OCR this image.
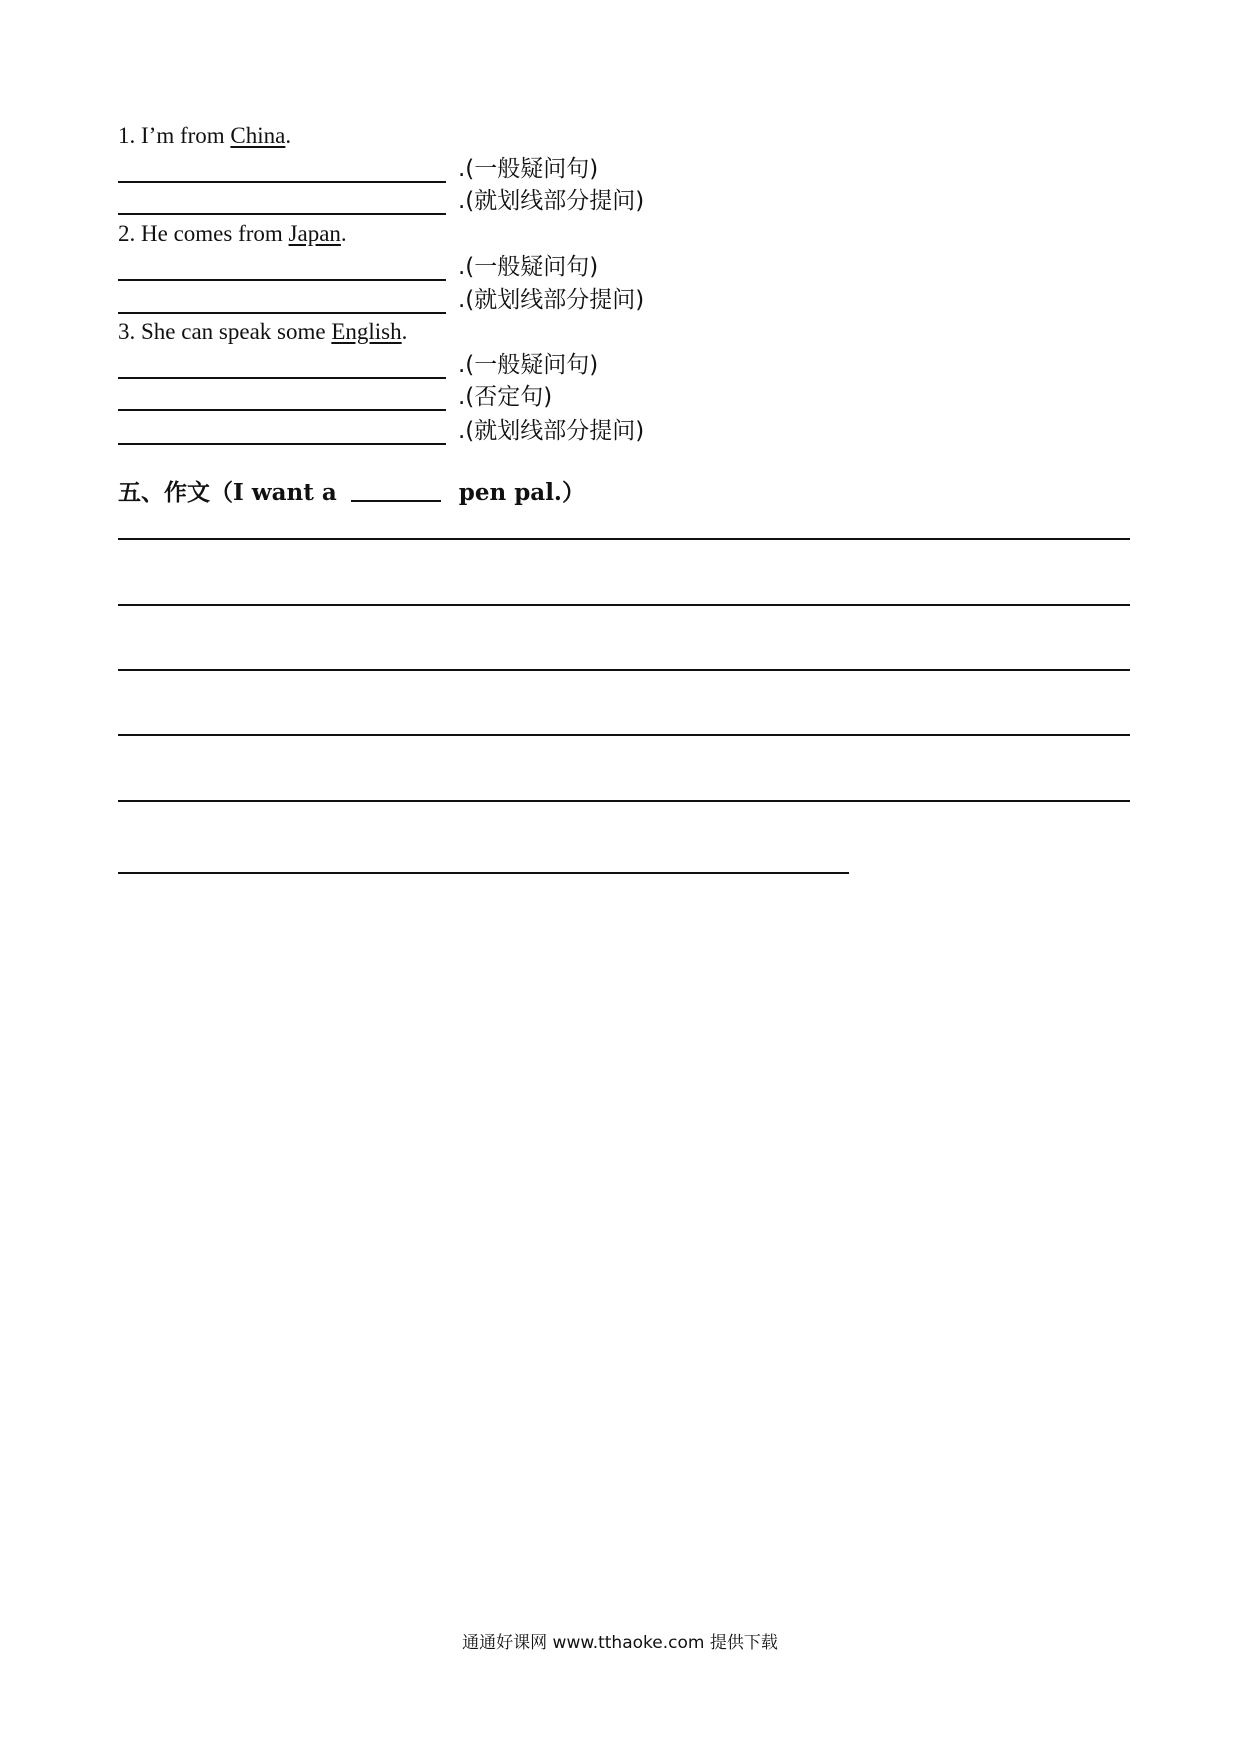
1. I’m from China.
.(一般疑问句)
.(就划线部分提问)
2. He comes from Japan.
.(一般疑问句)
.(就划线部分提问)
3. She can speak some English.
.(一般疑问句)
.(否定句)
.(就划线部分提问)
五、作文（I want a	pen pal.）
通通好课网 www.tthaoke.com 提供下载
